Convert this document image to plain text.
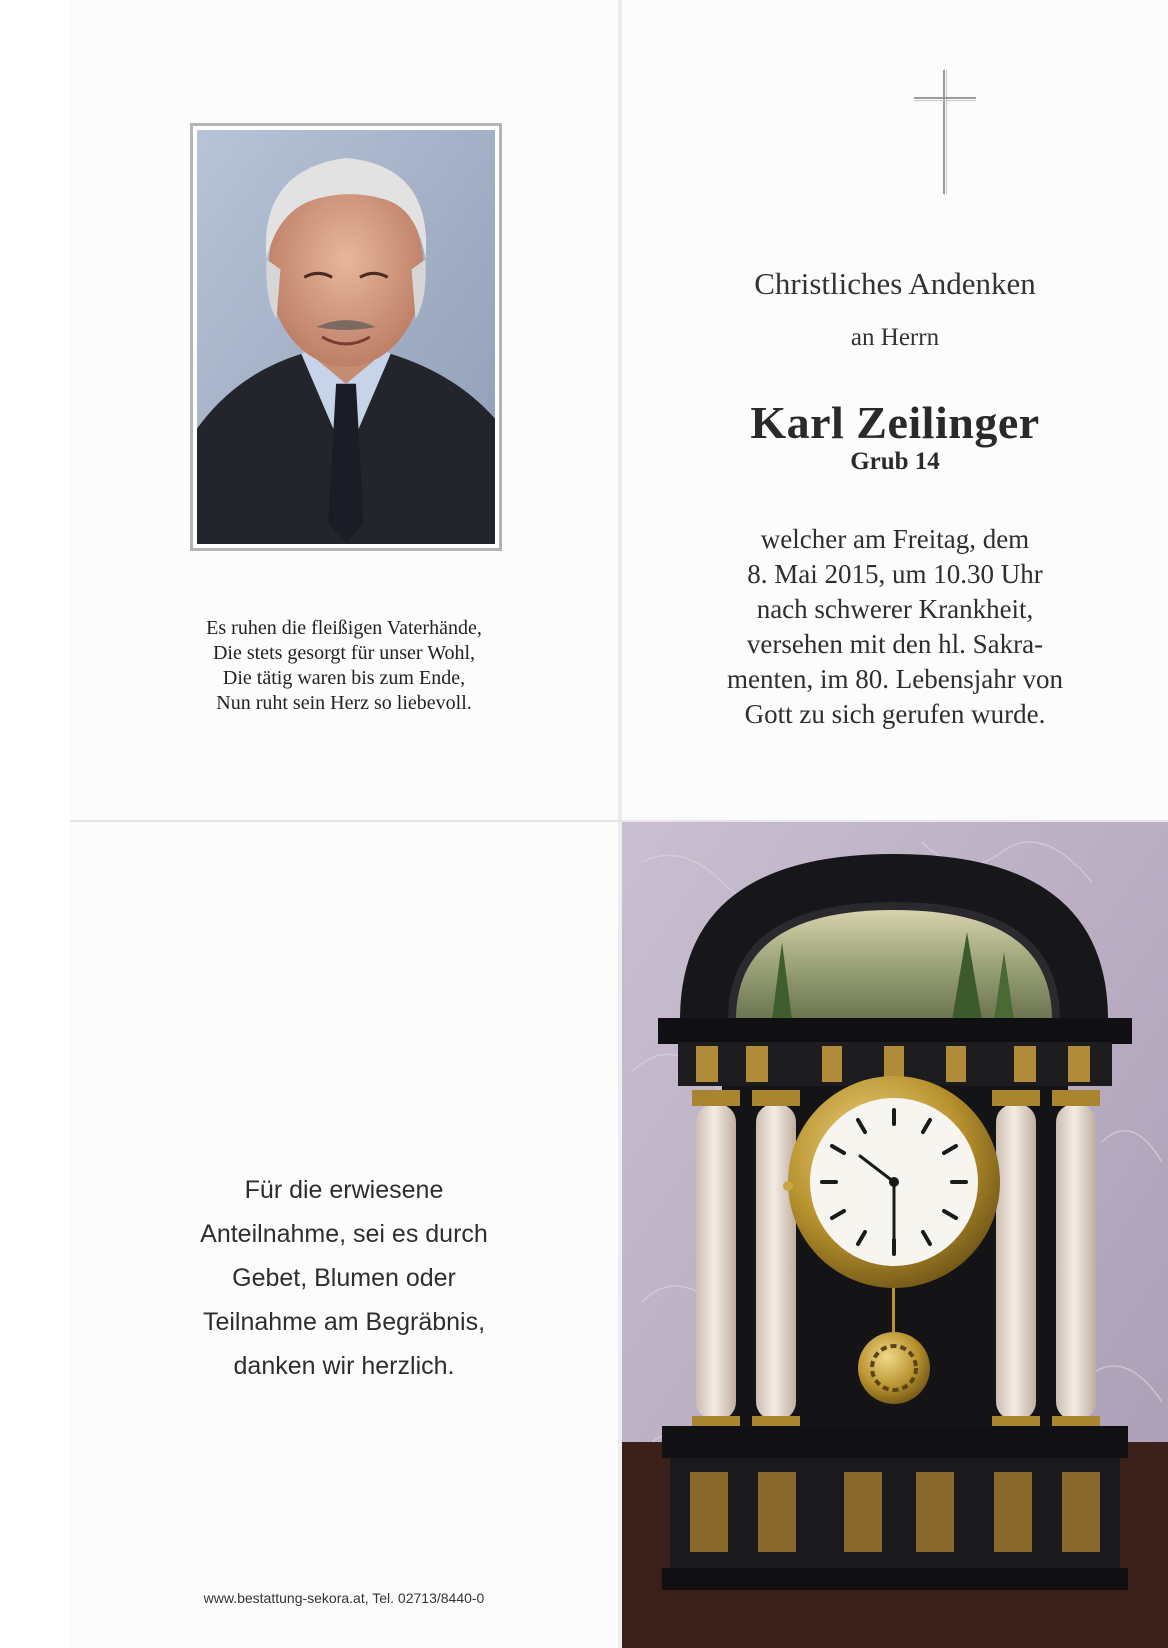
Es ruhen die fleißigen Vaterhände,
Die stets gesorgt für unser Wohl,
Die tätig waren bis zum Ende,
Nun ruht sein Herz so liebevoll.
Christliches Andenken
an Herrn
Karl Zeilinger
Grub 14
welcher am Freitag, dem
8. Mai 2015, um 10.30 Uhr
nach schwerer Krankheit,
versehen mit den hl. Sakra-
menten, im 80. Lebensjahr von
Gott zu sich gerufen wurde.
Für die erwiesene
Anteilnahme, sei es durch
Gebet, Blumen oder
Teilnahme am Begräbnis,
danken wir herzlich.
www.bestattung-sekora.at, Tel. 02713/8440-0
